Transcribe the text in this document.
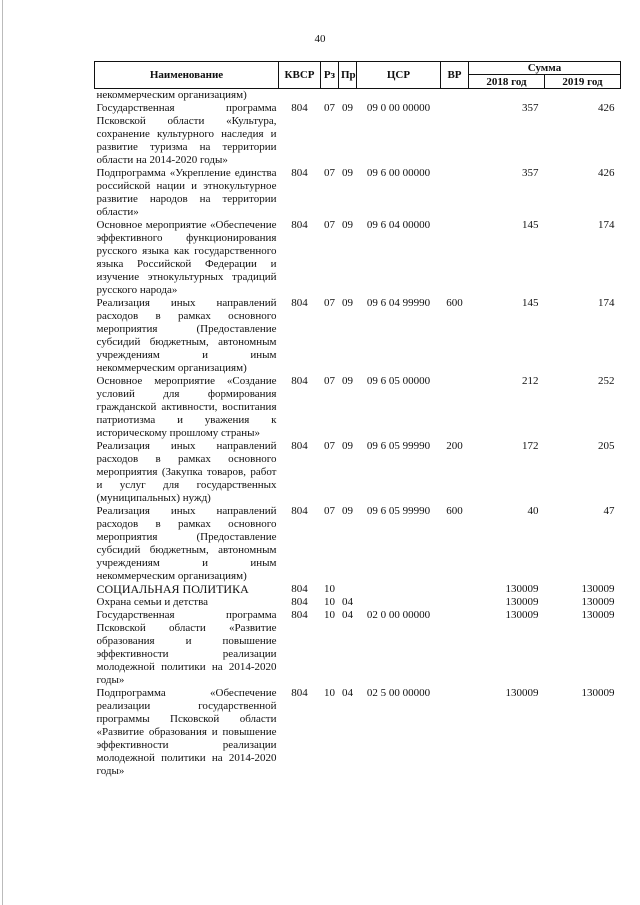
40
Наименование	КВСР	Рз	Пр	ЦСР	ВР	Сумма	
						2018 год	2019 год
некоммерческим организациям)							
Государственная программа Псковской области «Культура, сохранение культурного наследия и развитие туризма на территории области на 2014-2020 годы»	804	07	09	09 0 00 00000		357	426
Подпрограмма «Укрепление единства российской нации и этнокультурное развитие народов на территории области»	804	07	09	09 6 00 00000		357	426
Основное мероприятие «Обеспечение эффективного функционирования русского языка как государственного языка Российской Федерации и изучение этнокультурных традиций русского народа»	804	07	09	09 6 04 00000		145	174
Реализация иных направлений расходов в рамках основного мероприятия (Предоставление субсидий бюджетным, автономным учреждениям и иным некоммерческим организациям)	804	07	09	09 6 04 99990	600	145	174
Основное мероприятие «Создание условий для формирования гражданской активности, воспитания патриотизма и уважения к историческому прошлому страны»	804	07	09	09 6 05 00000		212	252
Реализация иных направлений расходов в рамках основного мероприятия (Закупка товаров, работ и услуг для государственных (муниципальных) нужд)	804	07	09	09 6 05 99990	200	172	205
Реализация иных направлений расходов в рамках основного мероприятия (Предоставление субсидий бюджетным, автономным учреждениям и иным некоммерческим организациям)	804	07	09	09 6 05 99990	600	40	47
СОЦИАЛЬНАЯ ПОЛИТИКА	804	10				130009	130009
Охрана семьи и детства	804	10	04			130009	130009
Государственная программа Псковской области «Развитие образования и повышение эффективности реализации молодежной политики на 2014-2020 годы»	804	10	04	02 0 00 00000		130009	130009
Подпрограмма «Обеспечение реализации государственной программы Псковской области «Развитие образования и повышение эффективности реализации молодежной политики на 2014-2020 годы»	804	10	04	02 5 00 00000		130009	130009
